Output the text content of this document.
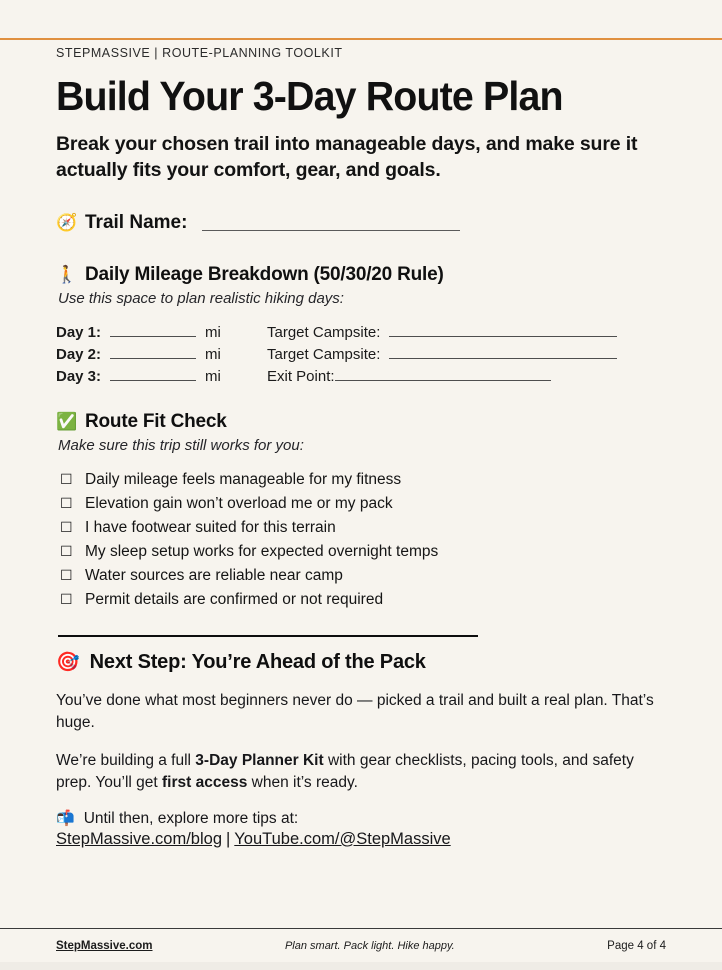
STEPMASSIVE | ROUTE-PLANNING TOOLKIT
Build Your 3-Day Route Plan
Break your chosen trail into manageable days, and make sure it actually fits your comfort, gear, and goals.
🧭 Trail Name:
🚶 Daily Mileage Breakdown (50/30/20 Rule)
Use this space to plan realistic hiking days:
Day 1:	mi	Target Campsite:
Day 2:	mi	Target Campsite:
Day 3:	mi	Exit Point:
✅ Route Fit Check
Make sure this trip still works for you:
☐ Daily mileage feels manageable for my fitness
☐ Elevation gain won’t overload me or my pack
☐ I have footwear suited for this terrain
☐ My sleep setup works for expected overnight temps
☐ Water sources are reliable near camp
☐ Permit details are confirmed or not required
🎯 Next Step: You’re Ahead of the Pack

You’ve done what most beginners never do — picked a trail and built a real plan. That’s huge.

We’re building a full 3-Day Planner Kit with gear checklists, pacing tools, and safety prep. You’ll get first access when it’s ready.

📬 Until then, explore more tips at:
StepMassive.com/blog | YouTube.com/@StepMassive
StepMassive.com	Plan smart. Pack light. Hike happy.	Page 4 of 4
